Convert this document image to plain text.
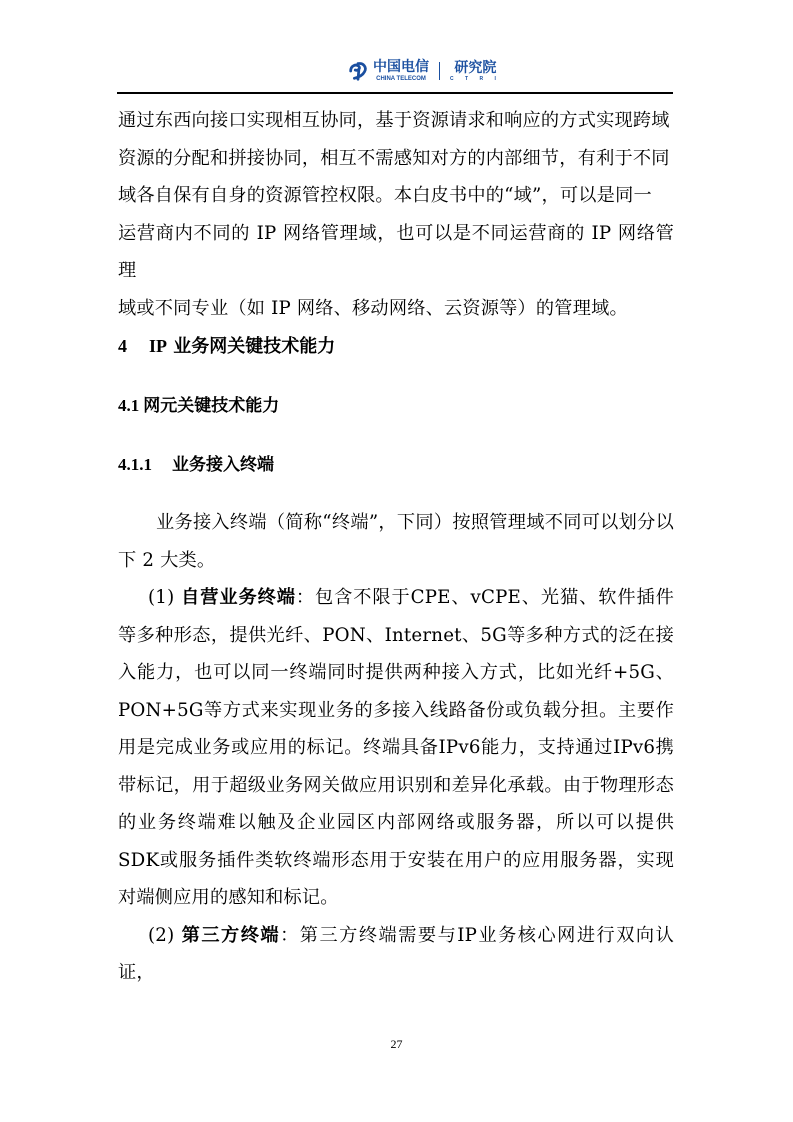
中国电信
CHINA TELECOM
研究院
C T R I

通过东西向接口实现相互协同，基于资源请求和响应的方式实现跨域

资源的分配和拼接协同，相互不需感知对方的内部细节，有利于不同

域各自保有自身的资源管控权限。本白皮书中的“域”，可以是同一

运营商内不同的 IP 网络管理域，也可以是不同运营商的 IP 网络管理

域或不同专业（如 IP 网络、移动网络、云资源等）的管理域。

4 IP 业务网关键技术能力
4.1 网元关键技术能力
4.1.1 业务接入终端

业务接入终端（简称“终端”，下同）按照管理域不同可以划分以下 2 大类。

(1) 自营业务终端：包含不限于CPE、vCPE、光猫、软件插件等多种形态，提供光纤、PON、Internet、5G等多种方式的泛在接入能力，也可以同一终端同时提供两种接入方式，比如光纤+5G、PON+5G等方式来实现业务的多接入线路备份或负载分担。主要作用是完成业务或应用的标记。终端具备IPv6能力，支持通过IPv6携带标记，用于超级业务网关做应用识别和差异化承载。由于物理形态的业务终端难以触及企业园区内部网络或服务器，所以可以提供SDK或服务插件类软终端形态用于安装在用户的应用服务器，实现对端侧应用的感知和标记。

(2) 第三方终端：第三方终端需要与IP业务核心网进行双向认证，

27
